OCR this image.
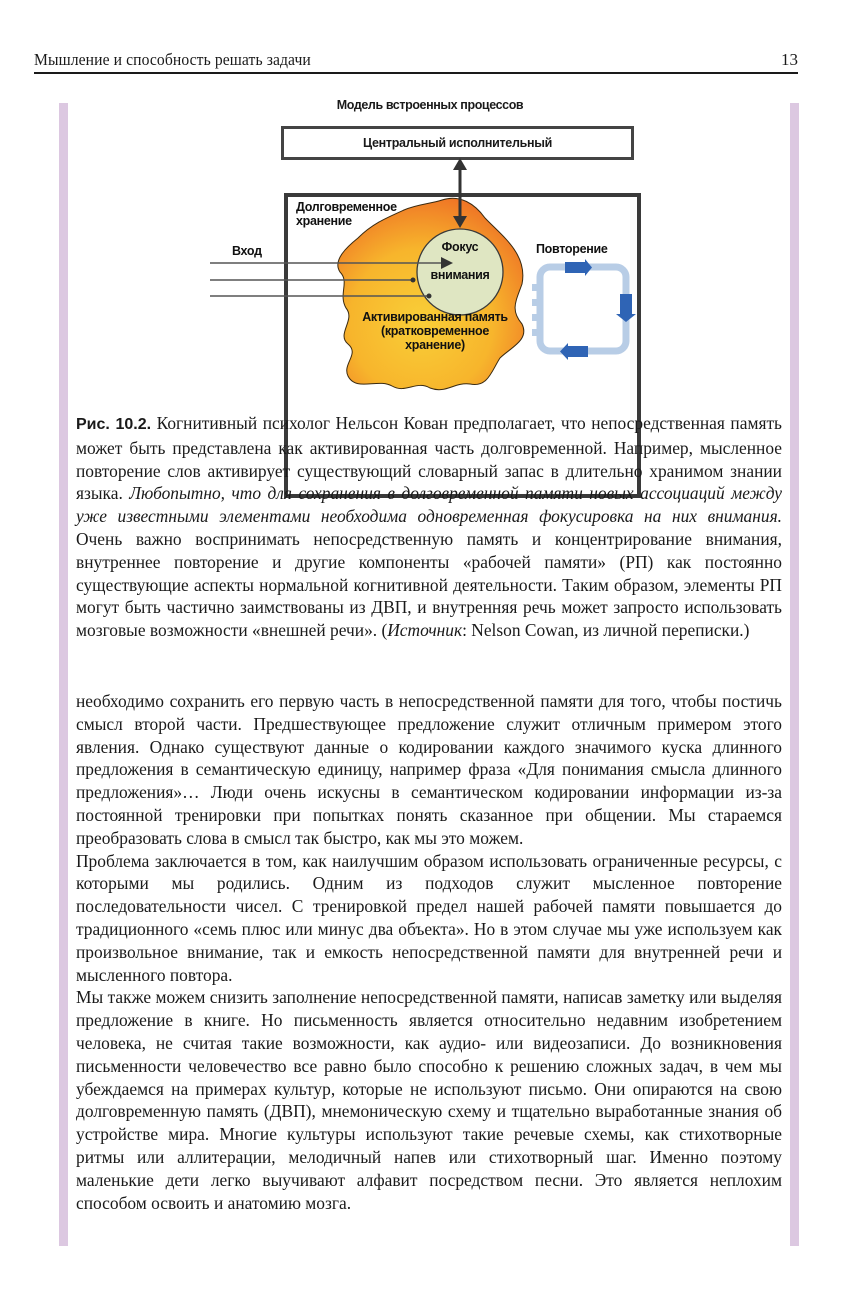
Мышление и способность решать задачи	13
Модель встроенных процессов
Центральный исполнительный
Долговременное
хранение
Вход	Фокус
внимания
Повторение
Активированная память
(кратковременное
хранение)
Рис. 10.2. Когнитивный психолог Нельсон Кован предполагает, что непосредственная память может быть представлена как активированная часть долговременной. Например, мысленное повторение слов активирует существующий словарный запас в длительно хранимом знании языка. Любопытно, что для сохранения в долговременной памяти новых ассоциаций между уже известными элементами необходима одновременная фокусировка на них внимания. Очень важно воспринимать непосредственную память и концентрирование внимания, внутреннее повторение и другие компоненты «рабочей памяти» (РП) как постоянно существующие аспекты нормальной когнитивной деятельности. Таким образом, элементы РП могут быть частично заимствованы из ДВП, и внутренняя речь может запросто использовать мозговые возможности «внешней речи». (Источник: Nelson Cowan, из личной переписки.)

необходимо сохранить его первую часть в непосредственной памяти для того, чтобы постичь смысл второй части. Предшествующее предложение служит отличным примером этого явления. Однако существуют данные о кодировании каждого значимого куска длинного предложения в семантическую единицу, например фраза «Для понимания смысла длинного предложения»… Люди очень искусны в семантическом кодировании информации из-за постоянной тренировки при попытках понять сказанное при общении. Мы стараемся преобразовать слова в смысл так быстро, как мы это можем.

Проблема заключается в том, как наилучшим образом использовать ограниченные ресурсы, с которыми мы родились. Одним из подходов служит мысленное повторение последовательности чисел. С тренировкой предел нашей рабочей памяти повышается до традиционного «семь плюс или минус два объекта». Но в этом случае мы уже используем как произвольное внимание, так и емкость непосредственной памяти для внутренней речи и мысленного повтора.

Мы также можем снизить заполнение непосредственной памяти, написав заметку или выделяя предложение в книге. Но письменность является относительно недавним изобретением человека, не считая такие возможности, как аудио- или видеозаписи. До возникновения письменности человечество все равно было способно к решению сложных задач, в чем мы убеждаемся на примерах культур, которые не используют письмо. Они опираются на свою долговременную память (ДВП), мнемоническую схему и тщательно выработанные знания об устройстве мира. Многие культуры используют такие речевые схемы, как стихотворные ритмы или аллитерации, мелодичный напев или стихотворный шаг. Именно поэтому маленькие дети легко выучивают алфавит посредством песни. Это является неплохим способом освоить и анатомию мозга.
